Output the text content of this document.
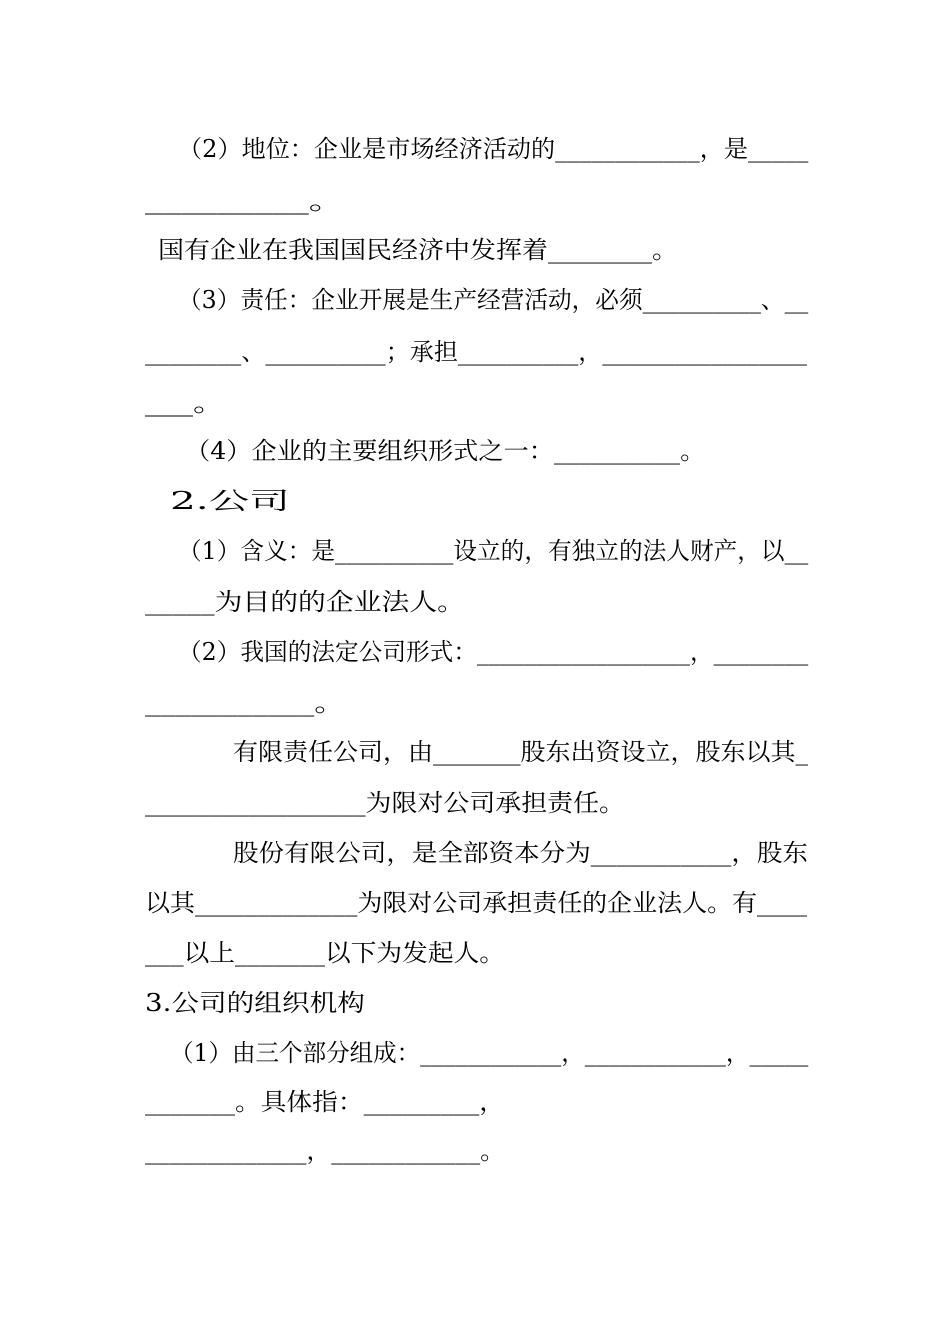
（2）地位：企业是市场经济活动的____________，是_____
_________。
国有企业在我国国民经济中发挥着________。
（3）责任：企业开展是生产经营活动，必须__________、__
________、__________；承担__________，_________________
___。
（4）企业的主要组织形式之一：__________。
2.公司
（1）含义：是__________设立的，有独立的法人财产，以__
_____为目的的企业法人。
（2）我国的法定公司形式：__________________，________
___________。
有限责任公司，由_______股东出资设立，股东以其_
_________________为限对公司承担责任。
股份有限公司，是全部资本分为___________，股东
以其_____________为限对公司承担责任的企业法人。有____
___以上_______以下为发起人。
3.公司的组织机构
（1）由三个部分组成：____________，____________，_____
_______。具体指：_________，
_____________，____________。
